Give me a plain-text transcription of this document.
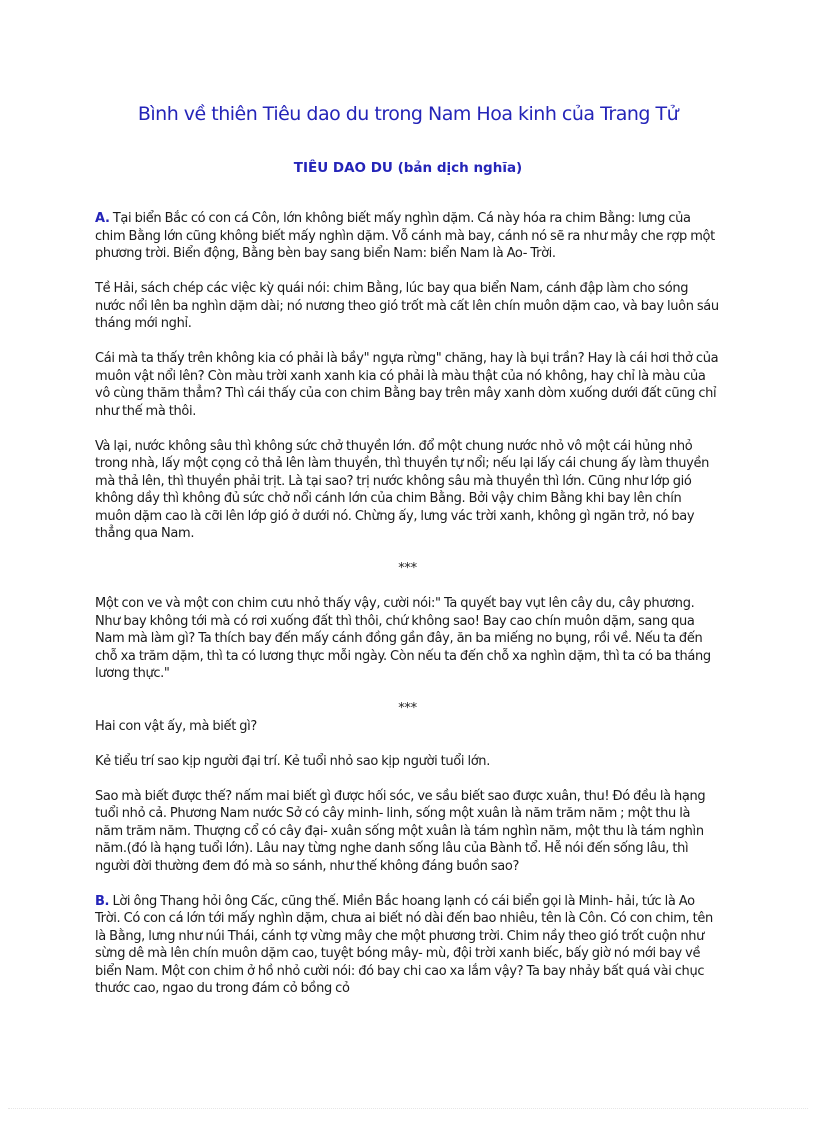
Bình về thiên Tiêu dao du trong Nam Hoa kinh của Trang Tử
TIÊU DAO DU (bản dịch nghĩa)

A. Tại biển Bắc có con cá Côn, lớn không biết mấy nghìn dặm. Cá này hóa ra chim Bằng: lưng của chim Bằng lớn cũng không biết mấy nghìn dặm. Vỗ cánh mà bay, cánh nó sẽ ra như mây che rợp một phương trời. Biển động, Bằng bèn bay sang biển Nam: biển Nam là Ao- Trời.

Tề Hải, sách chép các việc kỳ quái nói: chim Bằng, lúc bay qua biển Nam, cánh đập làm cho sóng nước nổi lên ba nghìn dặm dài; nó nương theo gió trốt mà cất lên chín muôn dặm cao, và bay luôn sáu tháng mới nghỉ.

Cái mà ta thấy trên không kia có phải là bầy" ngựa rừng" chăng, hay là bụi trần? Hay là cái hơi thở của muôn vật nổi lên? Còn màu trời xanh xanh kia có phải là màu thật của nó không, hay chỉ là màu của vô cùng thăm thẳm? Thì cái thấy của con chim Bằng bay trên mây xanh dòm xuống dưới đất cũng chỉ như thế mà thôi.

Và lại, nước không sâu thì không sức chở thuyền lớn. đổ một chung nước nhỏ vô một cái hủng nhỏ trong nhà, lấy một cọng cỏ thả lên làm thuyền, thì thuyền tự nổi; nếu lại lấy cái chung ấy làm thuyền mà thả lên, thì thuyền phải trịt. Là tại sao? trị nước không sâu mà thuyền thì lớn. Cũng như lớp gió không dầy thì không đủ sức chở nổi cánh lớn của chim Bằng. Bởi vậy chim Bằng khi bay lên chín muôn dặm cao là cỡi lên lớp gió ở dưới nó. Chừng ấy, lưng vác trời xanh, không gì ngăn trở, nó bay thẳng qua Nam.

***

Một con ve và một con chim cưu nhỏ thấy vậy, cười nói:" Ta quyết bay vụt lên cây du, cây phương. Như bay không tới mà có rơi xuống đất thì thôi, chứ không sao! Bay cao chín muôn dặm, sang qua Nam mà làm gì? Ta thích bay đến mấy cánh đồng gần đây, ăn ba miếng no bụng, rồi về. Nếu ta đến chỗ xa trăm dặm, thì ta có lương thực mỗi ngày. Còn nếu ta đến chỗ xa nghìn dặm, thì ta có ba tháng lương thực."

***

Hai con vật ấy, mà biết gì?

Kẻ tiểu trí sao kịp người đại trí. Kẻ tuổi nhỏ sao kịp người tuổi lớn.

Sao mà biết được thế? nấm mai biết gì được hối sóc, ve sầu biết sao được xuân, thu! Đó đều là hạng tuổi nhỏ cả. Phương Nam nước Sở có cây minh- linh, sống một xuân là năm trăm năm ; một thu là năm trăm năm. Thượng cổ có cây đại- xuân sống một xuân là tám nghìn năm, một thu là tám nghìn năm.(đó là hạng tuổi lớn). Lâu nay từng nghe danh sống lâu của Bành tổ. Hễ nói đến sống lâu, thì người đời thường đem đó mà so sánh, như thế không đáng buồn sao?

B. Lời ông Thang hỏi ông Cấc, cũng thế. Miền Bắc hoang lạnh có cái biển gọi là Minh- hải, tức là Ao Trời. Có con cá lớn tới mấy nghìn dặm, chưa ai biết nó dài đến bao nhiêu, tên là Côn. Có con chim, tên là Bằng, lưng như núi Thái, cánh tợ vừng mây che một phương trời. Chim nầy theo gió trốt cuộn như sừng dê mà lên chín muôn dặm cao, tuyệt bóng mây- mù, đội trời xanh biếc, bấy giờ nó mới bay về biển Nam. Một con chim ở hồ nhỏ cười nói: đó bay chi cao xa lắm vậy? Ta bay nhảy bất quá vài chục thước cao, ngao du trong đám cỏ bồng cỏ
